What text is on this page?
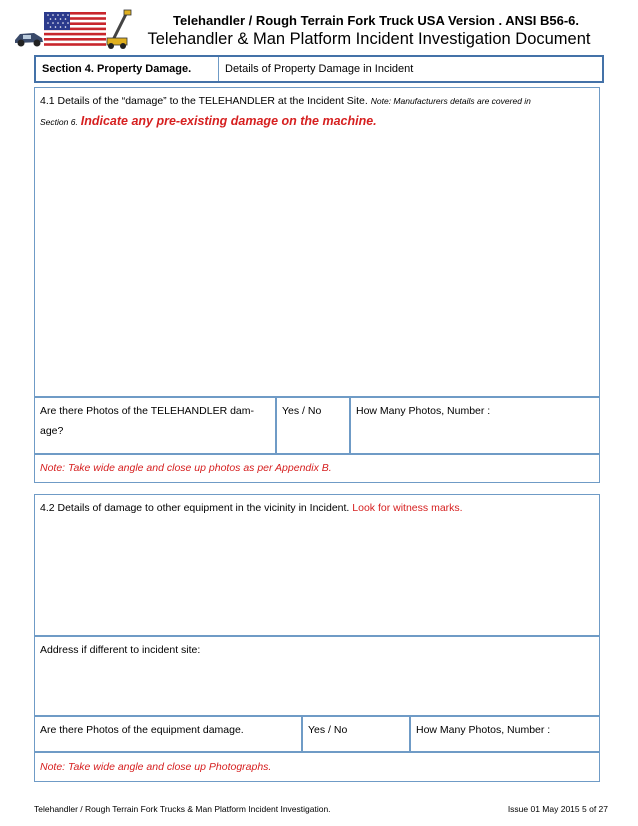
Telehandler / Rough Terrain Fork Truck USA Version . ANSI B56-6.
Telehandler & Man Platform Incident Investigation Document
Section 4. Property Damage.	Details of Property Damage in Incident
4.1 Details of the “damage” to the TELEHANDLER at the Incident Site. Note: Manufacturers details are covered in
Section 6. Indicate any pre-existing damage on the machine.
Are there Photos of the TELEHANDLER dam-
age?
Yes / No	How Many Photos, Number :
Note: Take wide angle and close up photos as per Appendix B.
4.2 Details of damage to other equipment in the vicinity in Incident. Look for witness marks.
Address if different to incident site:
Are there Photos of the equipment damage.	Yes / No	How Many Photos, Number :
Note: Take wide angle and close up Photographs.
Telehandler / Rough Terrain Fork Trucks & Man Platform Incident Investigation.	Issue 01 May 2015 5 of 27
